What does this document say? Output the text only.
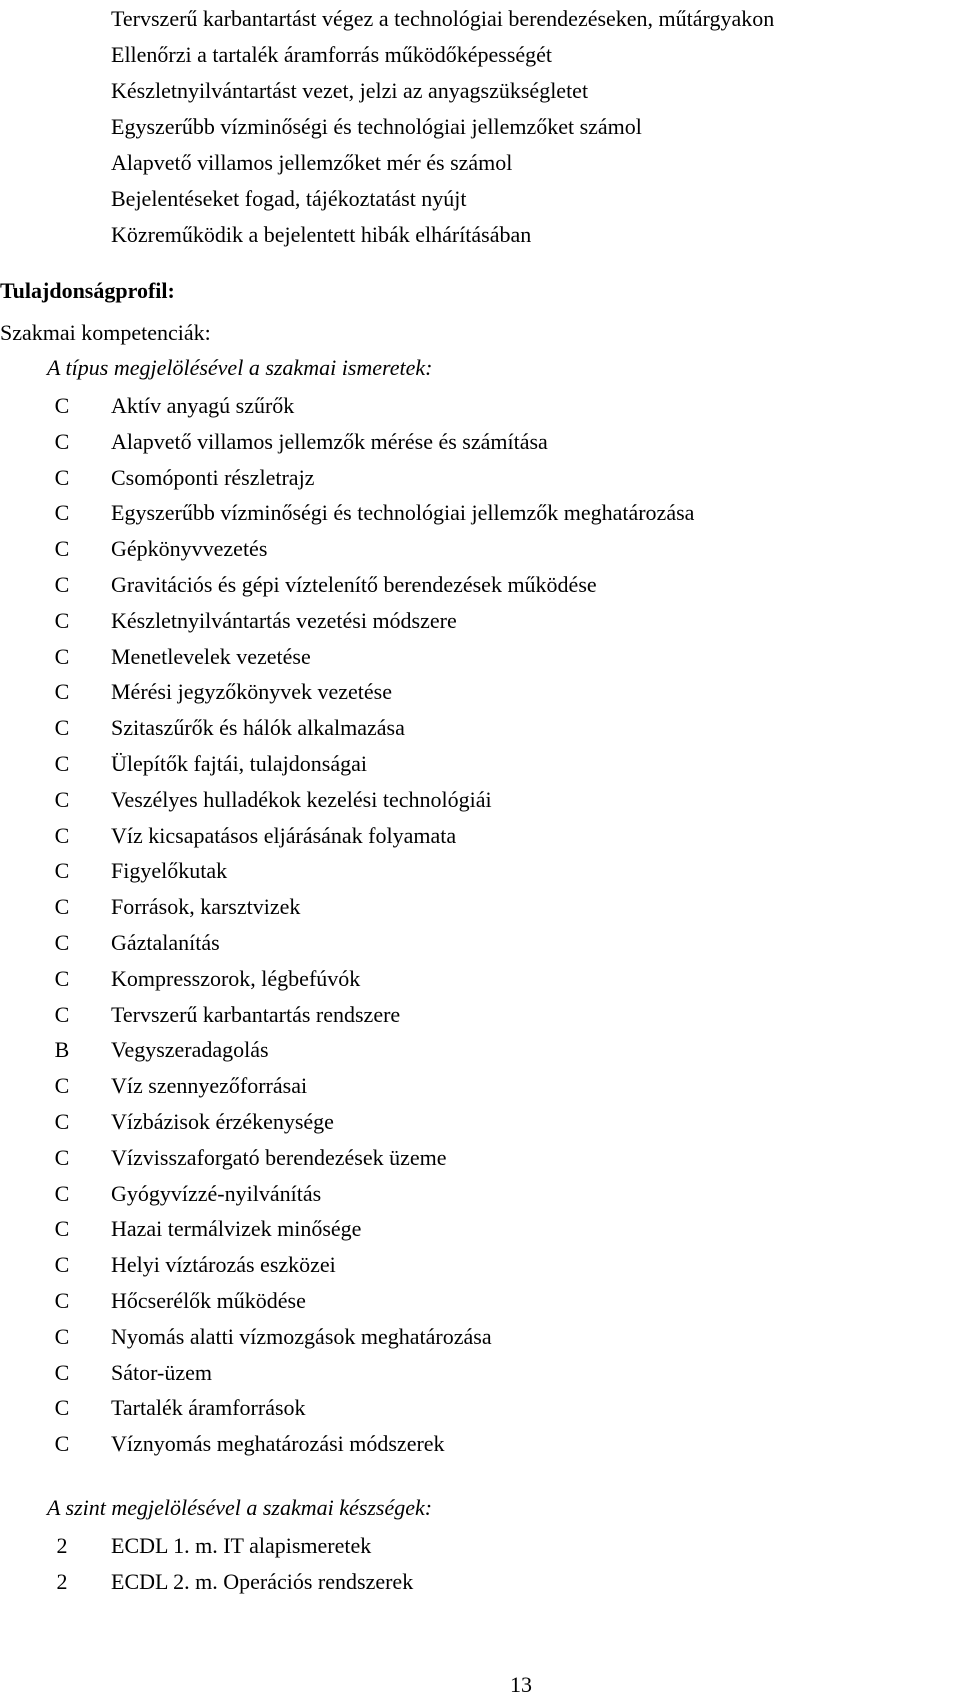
Tervszerű karbantartást végez a technológiai berendezéseken, műtárgyakon
Ellenőrzi a tartalék áramforrás működőképességét
Készletnyilvántartást vezet, jelzi az anyagszükségletet
Egyszerűbb vízminőségi és technológiai jellemzőket számol
Alapvető villamos jellemzőket mér és számol
Bejelentéseket fogad, tájékoztatást nyújt
Közreműködik a bejelentett hibák elhárításában
Tulajdonságprofil:
Szakmai kompetenciák:
A típus megjelölésével a szakmai ismeretek:
C	Aktív anyagú szűrők
C	Alapvető villamos jellemzők mérése és számítása
C	Csomóponti részletrajz
C	Egyszerűbb vízminőségi és technológiai jellemzők meghatározása
C	Gépkönyvvezetés
C	Gravitációs és gépi víztelenítő berendezések működése
C	Készletnyilvántartás vezetési módszere
C	Menetlevelek vezetése
C	Mérési jegyzőkönyvek vezetése
C	Szitaszűrők és hálók alkalmazása
C	Ülepítők fajtái, tulajdonságai
C	Veszélyes hulladékok kezelési technológiái
C	Víz kicsapatásos eljárásának folyamata
C	Figyelőkutak
C	Források, karsztvizek
C	Gáztalanítás
C	Kompresszorok, légbefúvók
C	Tervszerű karbantartás rendszere
B	Vegyszeradagolás
C	Víz szennyezőforrásai
C	Vízbázisok érzékenysége
C	Vízvisszaforgató berendezések üzeme
C	Gyógyvízzé-nyilvánítás
C	Hazai termálvizek minősége
C	Helyi víztározás eszközei
C	Hőcserélők működése
C	Nyomás alatti vízmozgások meghatározása
C	Sátor-üzem
C	Tartalék áramforrások
C	Víznyomás meghatározási módszerek
A szint megjelölésével a szakmai készségek:
2	ECDL 1. m. IT alapismeretek
2	ECDL 2. m. Operációs rendszerek
13
